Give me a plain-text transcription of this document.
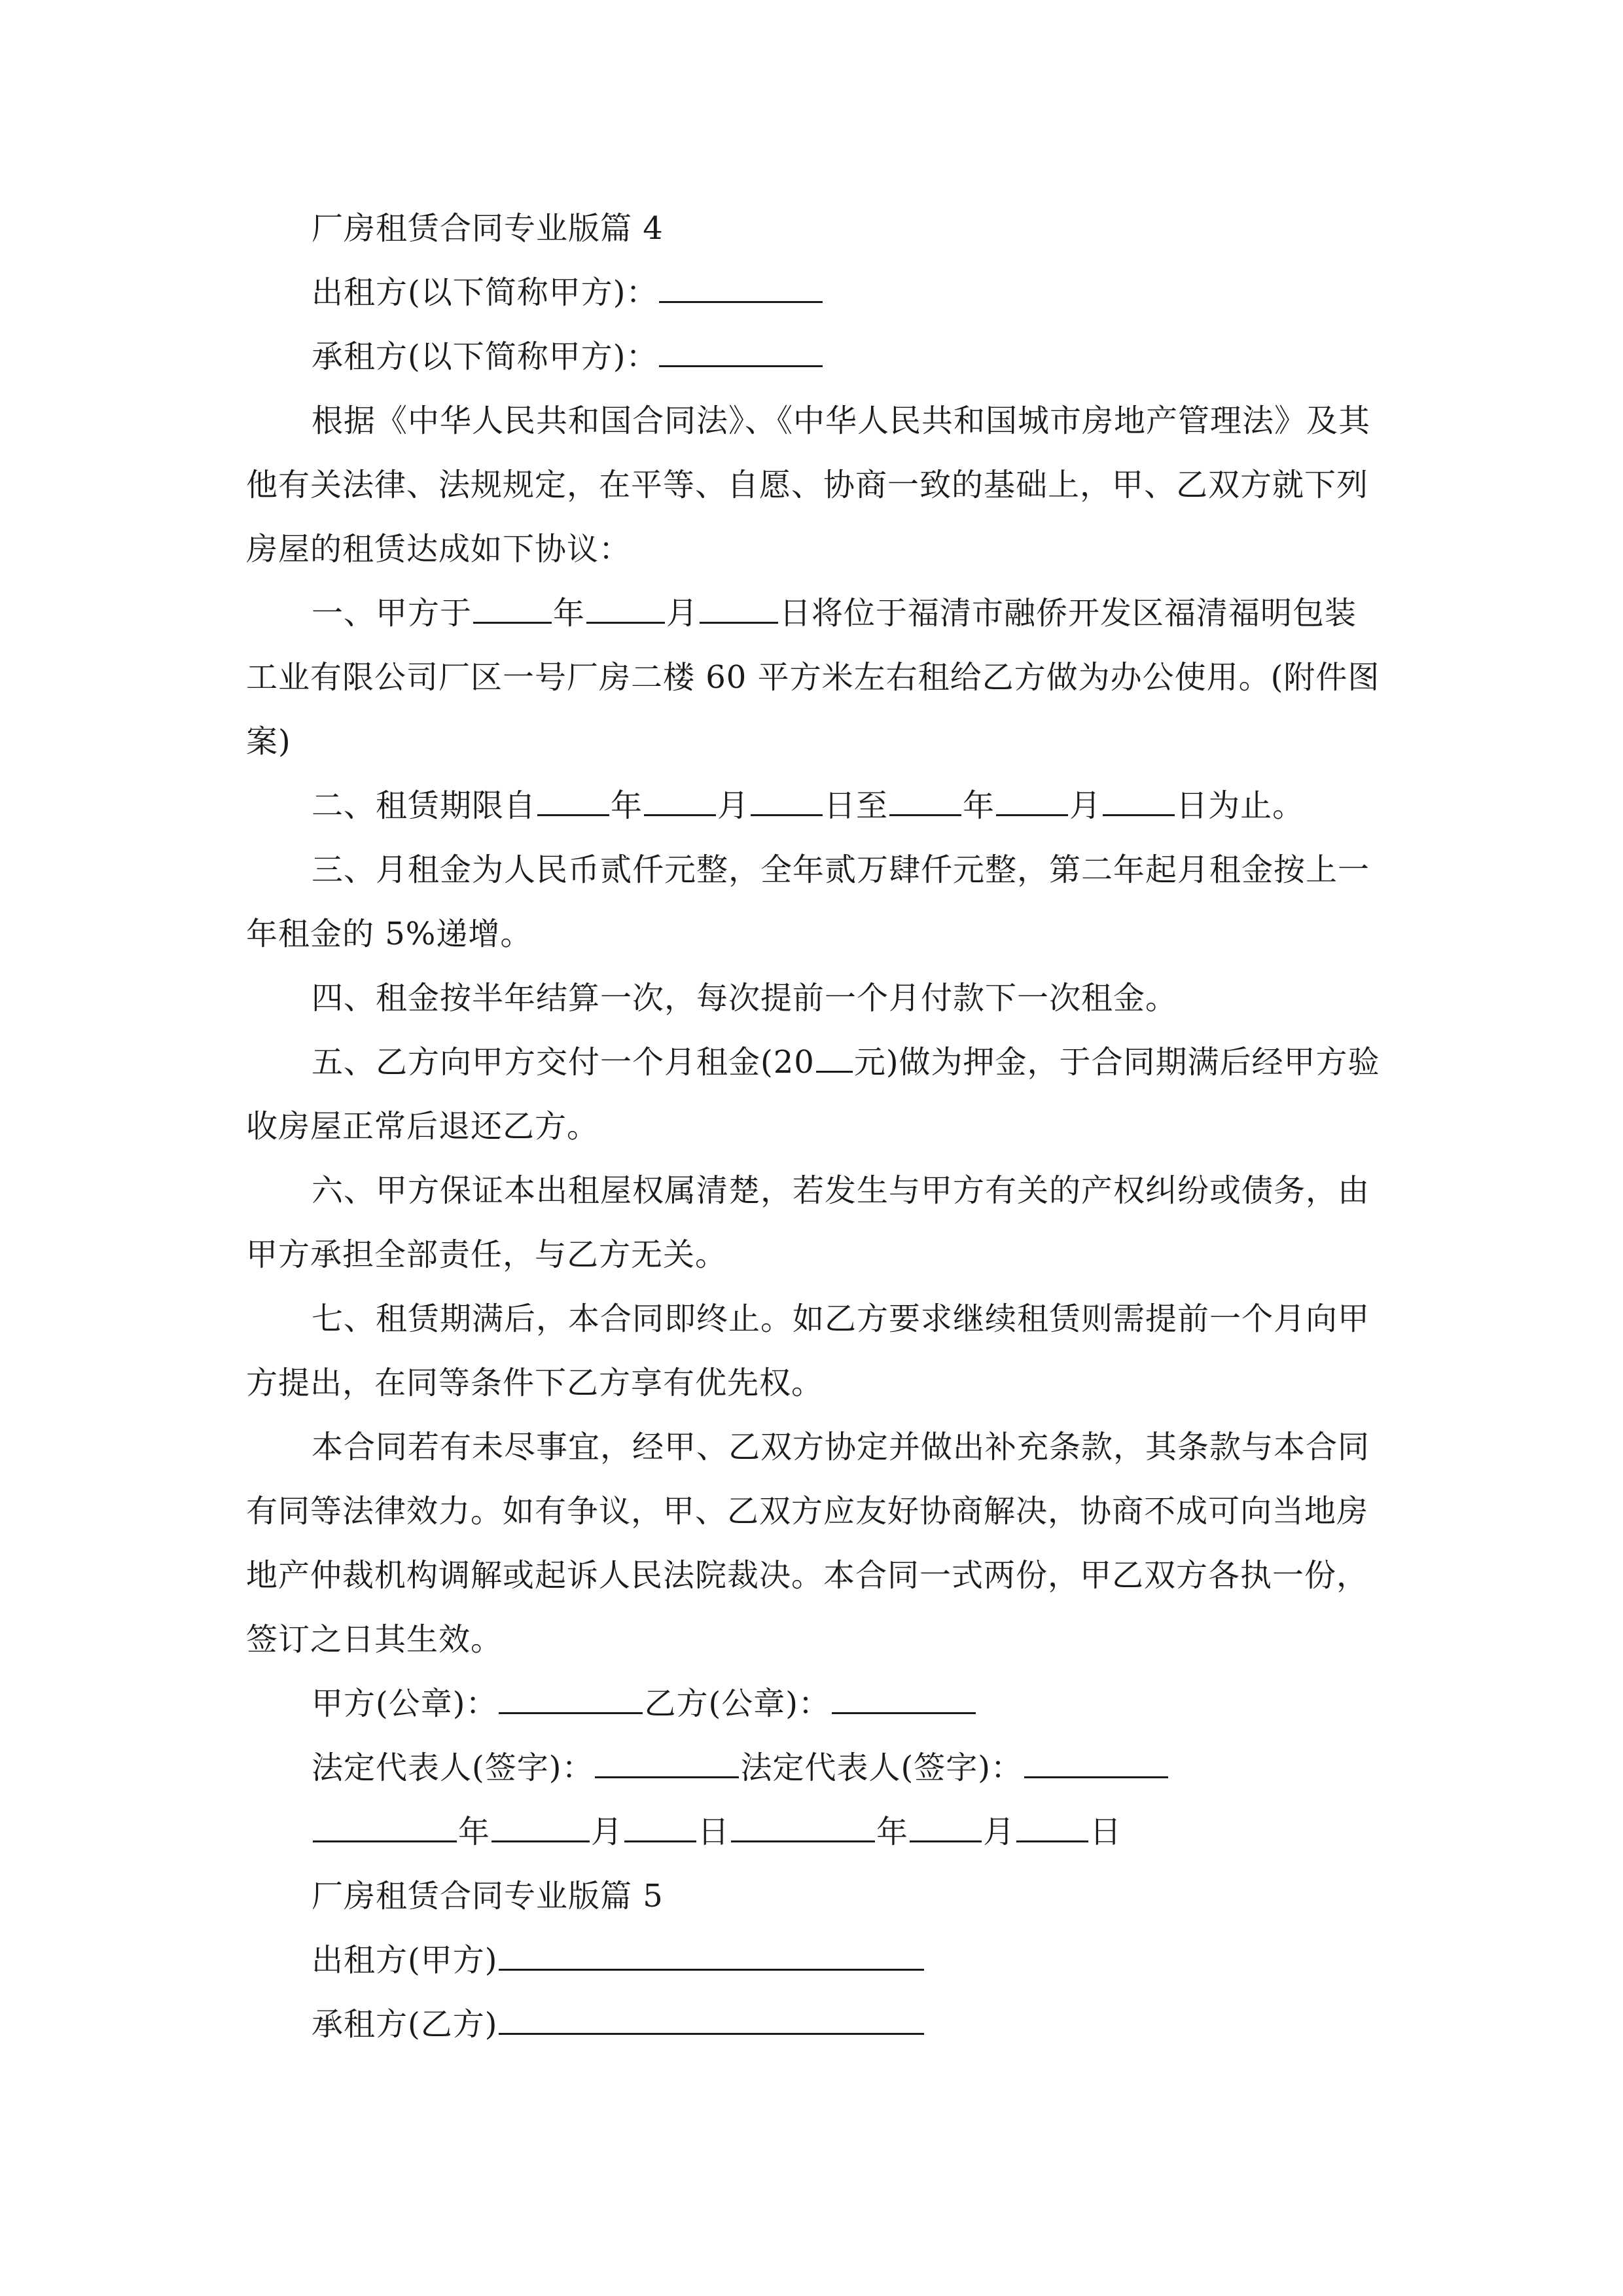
厂房租赁合同专业版篇 4
出租方(以下简称甲方)：
承租方(以下简称甲方)：
根据《中华人民共和国合同法》、《中华人民共和国城市房地产管理法》及其
他有关法律、法规规定，在平等、自愿、协商一致的基础上，甲、乙双方就下列
房屋的租赁达成如下协议：
一、甲方于	年	月	日将位于福清市融侨开发区福清福明包装
工业有限公司厂区一号厂房二楼 60 平方米左右租给乙方做为办公使用。(附件图
案)
二、租赁期限自 年 月 日至 年 月 日为止。
三、月租金为人民币贰仟元整，全年贰万肆仟元整，第二年起月租金按上一
年租金的 5%递增。
四、租金按半年结算一次，每次提前一个月付款下一次租金。
五、乙方向甲方交付一个月租金(20 元)做为押金，于合同期满后经甲方验
收房屋正常后退还乙方。
六、甲方保证本出租屋权属清楚，若发生与甲方有关的产权纠纷或债务，由
甲方承担全部责任，与乙方无关。
七、租赁期满后，本合同即终止。如乙方要求继续租赁则需提前一个月向甲
方提出，在同等条件下乙方享有优先权。
本合同若有未尽事宜，经甲、乙双方协定并做出补充条款，其条款与本合同
有同等法律效力。如有争议，甲、乙双方应友好协商解决，协商不成可向当地房
地产仲裁机构调解或起诉人民法院裁决。本合同一式两份，甲乙双方各执一份，
签订之日其生效。
甲方(公章)：	乙方(公章)：
法定代表人(签字)：	法定代表人(签字)：
年	月 日	年 月 日
厂房租赁合同专业版篇 5
出租方(甲方)
承租方(乙方)
